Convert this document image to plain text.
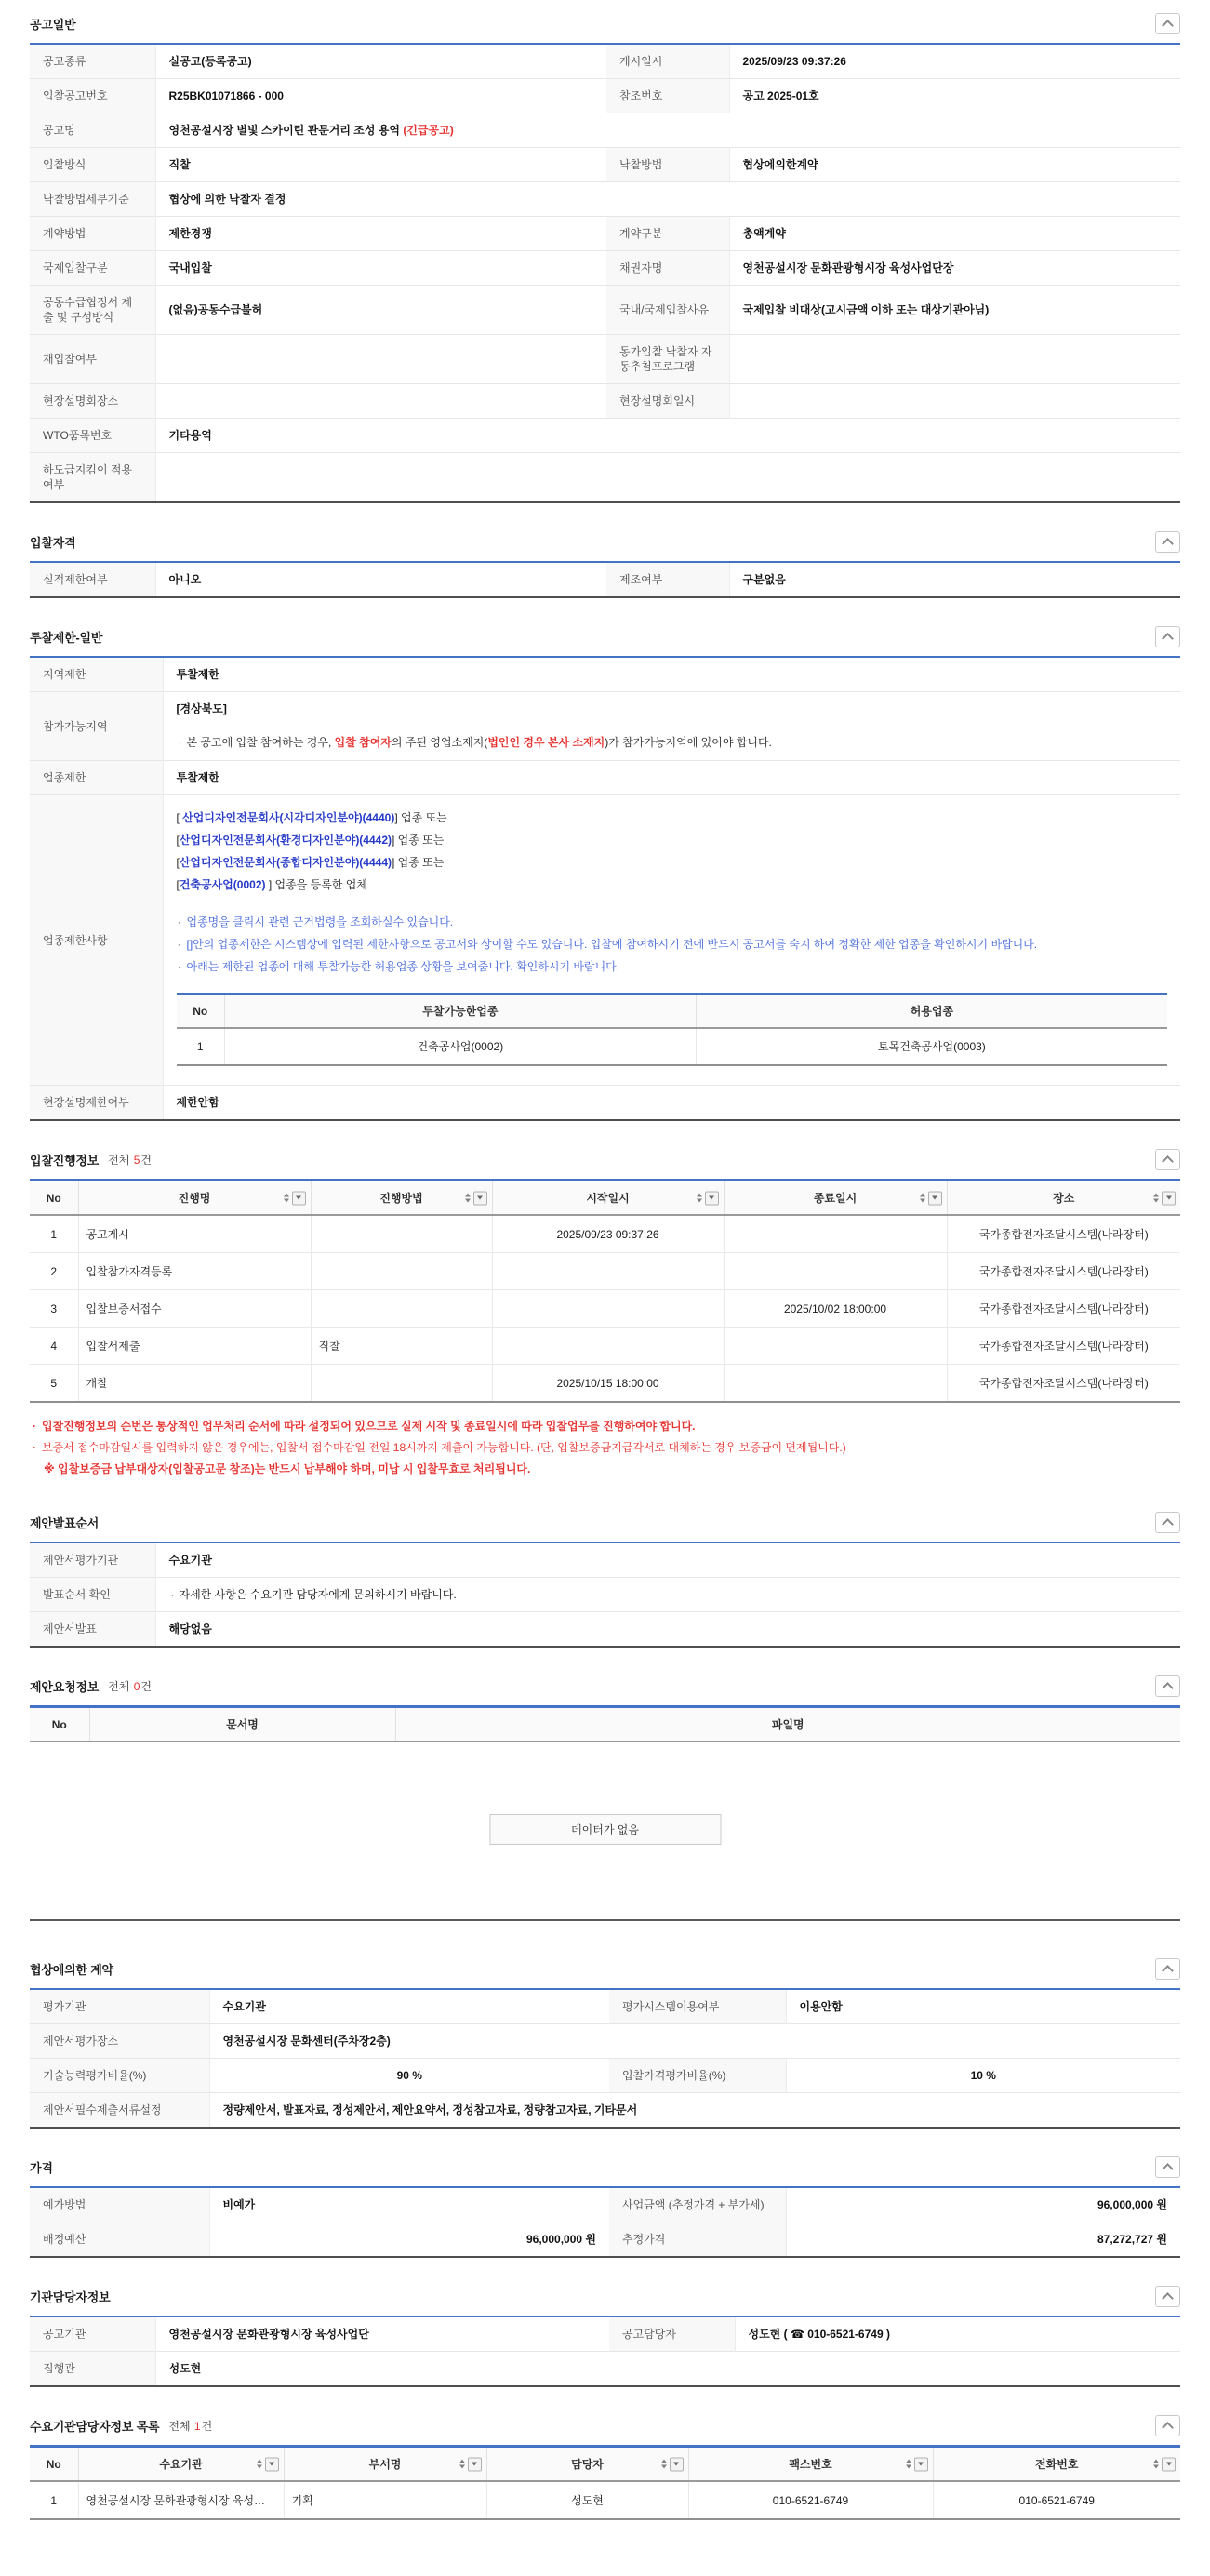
공고일반
공고종류	실공고(등록공고)	게시일시	2025/09/23 09:37:26
입찰공고번호	R25BK01071866 - 000	참조번호	공고 2025-01호
공고명	영천공설시장 별빛 스카이린 관문거리 조성 용역 (긴급공고)		
입찰방식	직찰	낙찰방법	협상에의한계약
낙찰방법세부기준	협상에 의한 낙찰자 결정		
계약방법	제한경쟁	계약구분	총액계약
국제입찰구분	국내입찰	채권자명	영천공설시장 문화관광형시장 육성사업단장
공동수급협정서 제출 및 구성방식	(없음)공동수급불허	국내/국제입찰사유	국제입찰 비대상(고시금액 이하 또는 대상기관아님)
재입찰여부		동가입찰 낙찰자 자동추첨프로그램	
현장설명회장소		현장설명회일시	
WTO품목번호	기타용역		
하도급지킴이 적용여부			
입찰자격
실적제한여부	아니오	제조여부	구분없음
투찰제한-일반
지역제한	투찰제한
참가가능지역	
[경상북도]
· 본 공고에 입찰 참여하는 경우, 입찰 참여자의 주된 영업소재지(법인인 경우 본사 소재지)가 참가가능지역에 있어야 합니다.

업종제한	투찰제한
업종제한사항	
[ 산업디자인전문회사(시각디자인분야)(4440)] 업종 또는
[산업디자인전문회사(환경디자인분야)(4442)] 업종 또는
[산업디자인전문회사(종합디자인분야)(4444)] 업종 또는
[건축공사업(0002) ] 업종을 등록한 업체
· 업종명을 클릭시 관련 근거법령을 조회하실수 있습니다.
· []안의 업종제한은 시스템상에 입력된 제한사항으로 공고서와 상이할 수도 있습니다. 입찰에 참여하시기 전에 반드시 공고서를 숙지 하여 정확한 제한 업종을 확인하시기 바랍니다.
· 아래는 제한된 업종에 대해 투찰가능한 허용업종 상황을 보여줍니다. 확인하시기 바랍니다.
No	투찰가능한업종	허용업종
1	건축공사업(0002)	토목건축공사업(0003)

현장설명제한여부	제한안함
입찰진행정보 전체 5건
No	진행명	진행방법	시작일시	종료일시	장소

1	공고게시		2025/09/23 09:37:26		국가종합전자조달시스템(나라장터)
2	입찰참가자격등록				국가종합전자조달시스템(나라장터)
3	입찰보증서접수			2025/10/02 18:00:00	국가종합전자조달시스템(나라장터)
4	입찰서제출	직찰			국가종합전자조달시스템(나라장터)
5	개찰		2025/10/15 18:00:00		국가종합전자조달시스템(나라장터)
· 입찰진행정보의 순번은 통상적인 업무처리 순서에 따라 설정되어 있으므로 실제 시작 및 종료일시에 따라 입찰업무를 진행하여야 합니다.
· 보증서 접수마감일시를 입력하지 않은 경우에는, 입찰서 접수마감일 전일 18시까지 제출이 가능합니다. (단, 입찰보증금지급각서로 대체하는 경우 보증금이 면제됩니다.)
※ 입찰보증금 납부대상자(입찰공고문 참조)는 반드시 납부해야 하며, 미납 시 입찰무효로 처리됩니다.
제안발표순서
제안서평가기관	수요기관
발표순서 확인	· 자세한 사항은 수요기관 담당자에게 문의하시기 바랍니다.

제안서발표	해당없음
제안요청정보 전체 0건
No	문서명	파일명
데이터가 없음
협상에의한 계약
평가기관	수요기관	평가시스템이용여부	이용안함
제안서평가장소	영천공설시장 문화센터(주차장2층)		
기술능력평가비율(%)	90 %	입찰가격평가비율(%)	10 %
제안서필수제출서류설정	정량제안서, 발표자료, 정성제안서, 제안요약서, 정성참고자료, 정량참고자료, 기타문서		
가격
예가방법	비예가	사업금액 (추정가격 + 부가세)	96,000,000 원
배정예산	96,000,000 원	추정가격	87,272,727 원
기관담당자정보
공고기관	영천공설시장 문화관광형시장 육성사업단	공고담당자	성도현 ( ☎ 010-6521-6749 )
집행관	성도현		
수요기관담당자정보 목록 전체 1건
No	수요기관	부서명	담당자	팩스번호	전화번호

1	영천공설시장 문화관광형시장 육성…	기획	성도현	010-6521-6749	010-6521-6749
